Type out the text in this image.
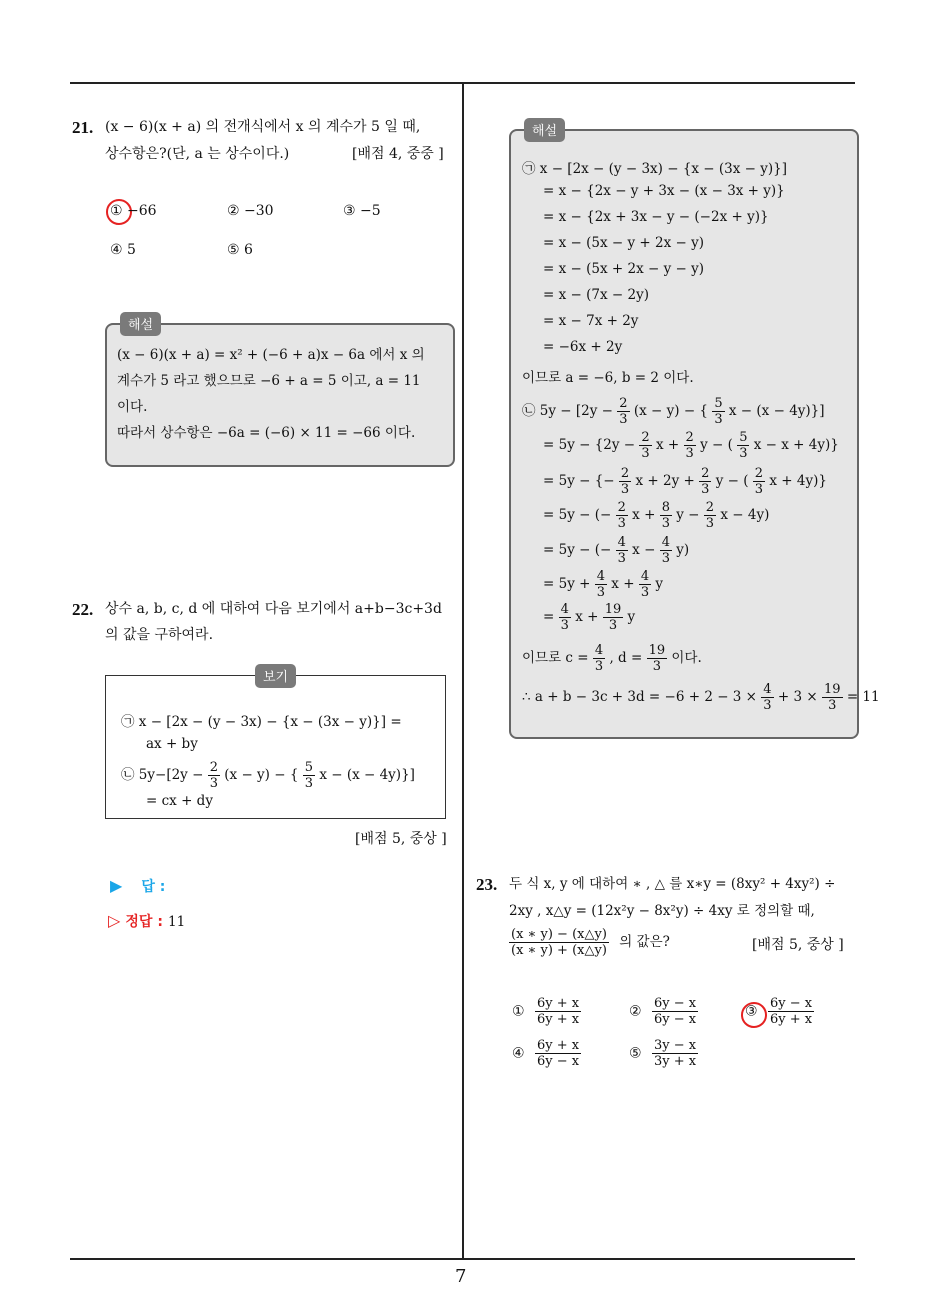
7
21. (x − 6)(x + a) 의 전개식에서 x 의 계수가 5 일 때,
상수항은?(단, a 는 상수이다.)	[배점 4, 중중 ]
① −66	② −30	③ −5
④ 5	⑤ 6
해설
(x − 6)(x + a) = x² + (−6 + a)x − 6a 에서 x 의
계수가 5 라고 했으므로 −6 + a = 5 이고, a = 11
이다.
따라서 상수항은 −6a = (−6) × 11 = −66 이다.
22. 상수 a, b, c, d 에 대하여 다음 보기에서 a+b−3c+3d
의 값을 구하여라.
보기
㉠ x − [2x − (y − 3x) − {x − (3x − y)}] =
ax + by
㉡ $5y-[2y - \frac{2}{3} (x - y)$ − { $\frac{5}{3}$ x − (x − 4y)}]
= cx + dy
[배점 5, 중상 ]
▶ 답 :
▷ 정답 : 11
해설
㉠ x − [2x − (y − 3x) − {x − (3x − y)}]
= x − {2x − y + 3x − (x − 3x + y)}
= x − {2x + 3x − y − (−2x + y)}
= x − (5x − y + 2x − y)
= x − (5x + 2x − y − y)
= x − (7x − 2y)
= x − 7x + 2y
= −6x + 2y
이므로 a = −6, b = 2 이다.
㉡ $5y - [2y - \frac{2}{3} (x - y)$ − { $\frac{5}{3}$ x − (x − 4y)}]
= $5y - \{2y - \frac{2}{3}$ $x + \frac{2}{3}$ y − ( $\frac{5}{3}$ x − x + 4y)}
= 5y − {− $\frac{2}{3}$ $x + 2y + \frac{2}{3}$ y − ( $\frac{2}{3}$ x + 4y)}
= 5y − (− $\frac{2}{3}$ $x + \frac{8}{3}$ $y - \frac{2}{3}$ x − 4y)
= 5y − (− $\frac{4}{3}$ $x - \frac{4}{3} y$)
= $5y + \frac{4}{3}$ $x + \frac{4}{3}$ y
= $\frac{4}{3}$ $x + \frac{19}{3}$ y
이므로 $c = \frac{4}{3}$ , $d = \frac{19}{3}$ 이다.
∴ $a + b - 3c + 3d = -6 + 2 - 3 \times \frac{4}{3} + 3 \times \frac{19}{3} = 11$
23. 두 식 x, y 에 대하여 ∗ , △ 를 x∗y = (8xy² + 4xy²) ÷
2xy , x△y = (12x²y − 8x²y) ÷ 4xy 로 정의할 때,
$\frac{(x ∗ y) - (x\triangle y)}{(x ∗ y) + (x\triangle y)}$ 의 값은?	[배점 5, 중상 ]
① $\frac{6y + x}{6y + x}$	② $\frac{6y - x}{6y - x}$	③ $\frac{6y - x}{6y + x}$
④ $\frac{6y + x}{6y - x}$	⑤ $\frac{3y - x}{3y + x}$
